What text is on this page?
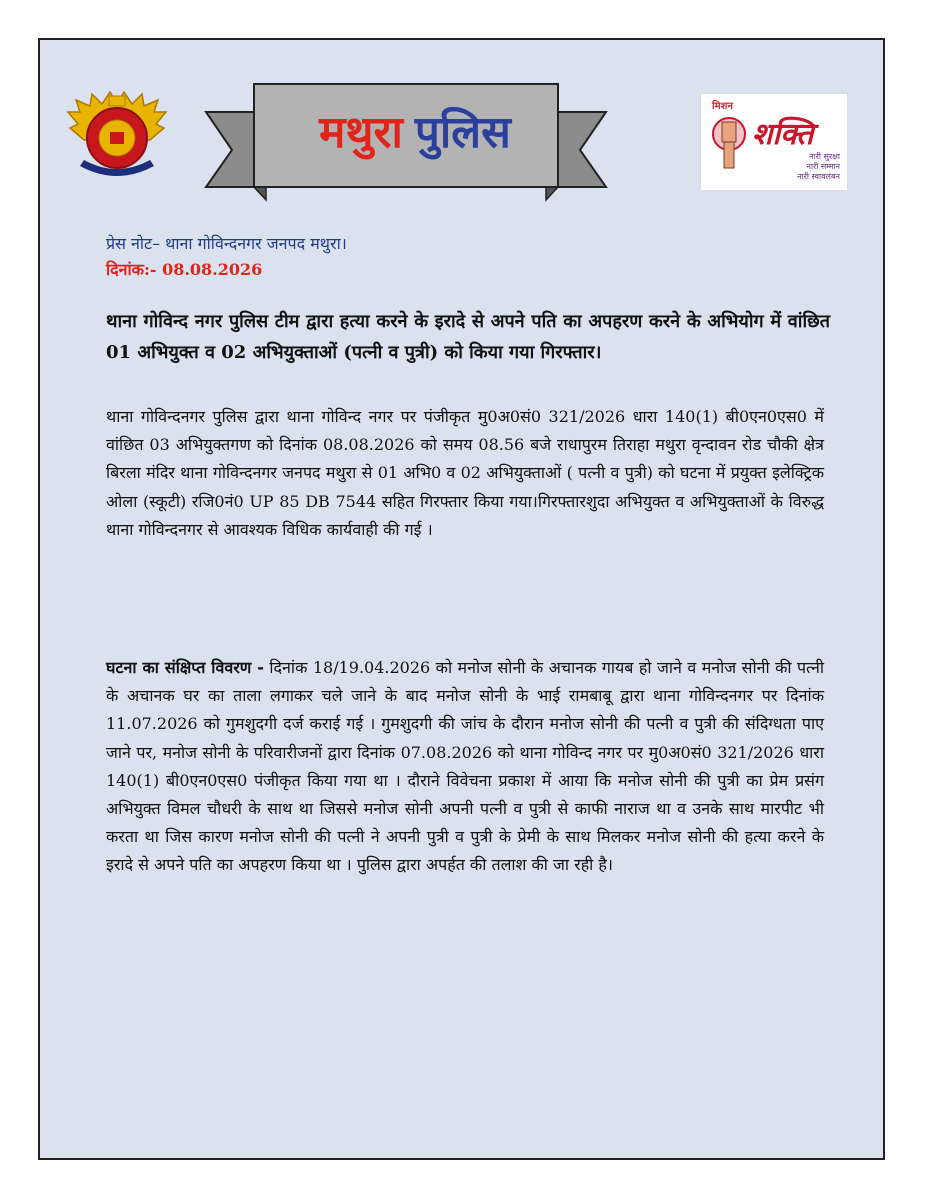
मथुरा पुलिस
मिशन
शक्ति
नारी सुरक्षा
नारी सम्मान
नारी स्वावलंबन
प्रेस नोट– थाना गोविन्दनगर जनपद मथुरा।
दिनांक:- 08.08.2026
थाना गोविन्द नगर पुलिस टीम द्वारा हत्या करने के इरादे से अपने पति का अपहरण करने के अभियोग में वांछित 01 अभियुक्त व 02 अभियुक्ताओं (पत्नी व पुत्री) को किया गया गिरफ्तार।
थाना गोविन्दनगर पुलिस द्वारा थाना गोविन्द नगर पर पंजीकृत मु0अ0सं0 321/2026 धारा 140(1) बी0एन0एस0 में वांछित 03 अभियुक्तगण को दिनांक 08.08.2026 को समय 08.56 बजे राधापुरम तिराहा मथुरा वृन्दावन रोड चौकी क्षेत्र बिरला मंदिर थाना गोविन्दनगर जनपद मथुरा से 01 अभि0 व 02 अभियुक्ताओं ( पत्नी व पुत्री) को घटना में प्रयुक्त इलेक्ट्रिक ओला (स्कूटी) रजि0नं0 UP 85 DB 7544 सहित गिरफ्तार किया गया।गिरफ्तारशुदा अभियुक्त व अभियुक्ताओं के विरुद्ध थाना गोविन्दनगर से आवश्यक विधिक कार्यवाही की गई ।
घटना का संक्षिप्त विवरण - दिनांक 18/19.04.2026 को मनोज सोनी के अचानक गायब हो जाने व मनोज सोनी की पत्नी के अचानक घर का ताला लगाकर चले जाने के बाद मनोज सोनी के भाई रामबाबू द्वारा थाना गोविन्दनगर पर दिनांक 11.07.2026 को गुमशुदगी दर्ज कराई गई । गुमशुदगी की जांच के दौरान मनोज सोनी की पत्नी व पुत्री की संदिग्धता पाए जाने पर, मनोज सोनी के परिवारीजनों द्वारा दिनांक 07.08.2026 को थाना गोविन्द नगर पर मु0अ0सं0 321/2026 धारा 140(1) बी0एन0एस0 पंजीकृत किया गया था । दौराने विवेचना प्रकाश में आया कि मनोज सोनी की पुत्री का प्रेम प्रसंग अभियुक्त विमल चौधरी के साथ था जिससे मनोज सोनी अपनी पत्नी व पुत्री से काफी नाराज था व उनके साथ मारपीट भी करता था जिस कारण मनोज सोनी की पत्नी ने अपनी पुत्री व पुत्री के प्रेमी के साथ मिलकर मनोज सोनी की हत्या करने के इरादे से अपने पति का अपहरण किया था । पुलिस द्वारा अपर्हत की तलाश की जा रही है।
